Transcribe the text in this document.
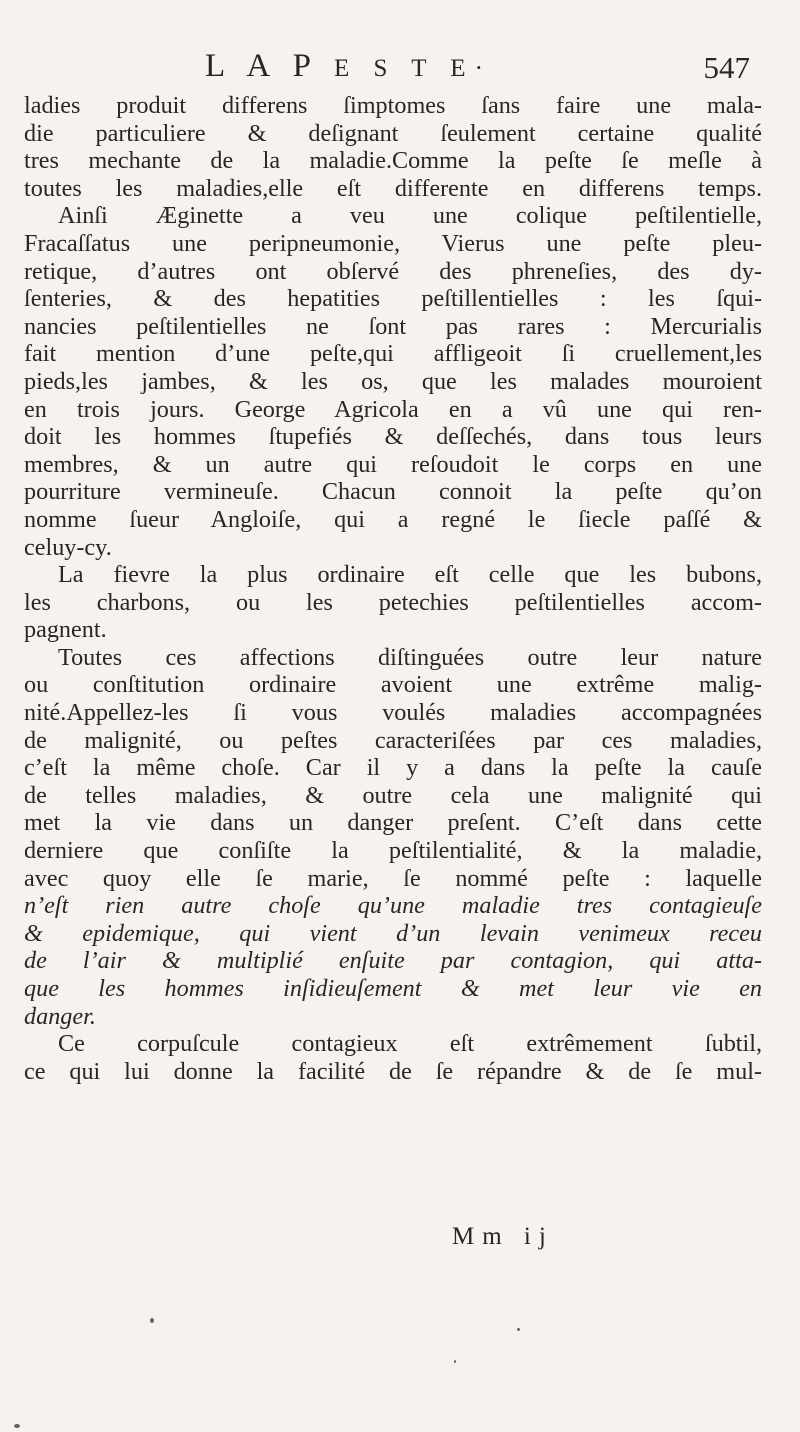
L A P E S T E·	547
ladies produit differens ſimptomes ſans faire une mala-
die particuliere & deſignant ſeulement certaine qualité
tres mechante de la maladie.Comme la peſte ſe meſle à
toutes les maladies,elle eſt differente en differens temps.
Ainſi Æginette a veu une colique peſtilentielle,
Fracaſſatus une peripneumonie, Vierus une peſte pleu-
retique, d’autres ont obſervé des phreneſies, des dy-
ſenteries, & des hepatities peſtillentielles : les ſqui-
nancies peſtilentielles ne ſont pas rares : Mercurialis
fait mention d’une peſte,qui affligeoit ſi cruellement,les
pieds,les jambes, & les os, que les malades mouroient
en trois jours. George Agricola en a vû une qui ren-
doit les hommes ſtupefiés & deſſechés, dans tous leurs
membres, & un autre qui reſoudoit le corps en une
pourriture vermineuſe. Chacun connoit la peſte qu’on
nomme ſueur Angloiſe, qui a regné le ſiecle paſſé &
celuy-cy.
La fievre la plus ordinaire eſt celle que les bubons,
les charbons, ou les petechies peſtilentielles accom-
pagnent.
Toutes ces affections diſtinguées outre leur nature
ou conſtitution ordinaire avoient une extrême malig-
nité.Appellez-les ſi vous voulés maladies accompagnées
de malignité, ou peſtes caracteriſées par ces maladies,
c’eſt la même choſe. Car il y a dans la peſte la cauſe
de telles maladies, & outre cela une malignité qui
met la vie dans un danger preſent. C’eſt dans cette
derniere que conſiſte la peſtilentialité, & la maladie,
avec quoy elle ſe marie, ſe nommé peſte : laquelle
n’eſt rien autre choſe qu’une maladie tres contagieuſe
& epidemique, qui vient d’un levain venimeux receu
de l’air & multiplié enſuite par contagion, qui atta-
que les hommes inſidieuſement & met leur vie en
danger.
Ce corpuſcule contagieux eſt extrêmement ſubtil,
ce qui lui donne la facilité de ſe répandre & de ſe mul-
Mm ij
